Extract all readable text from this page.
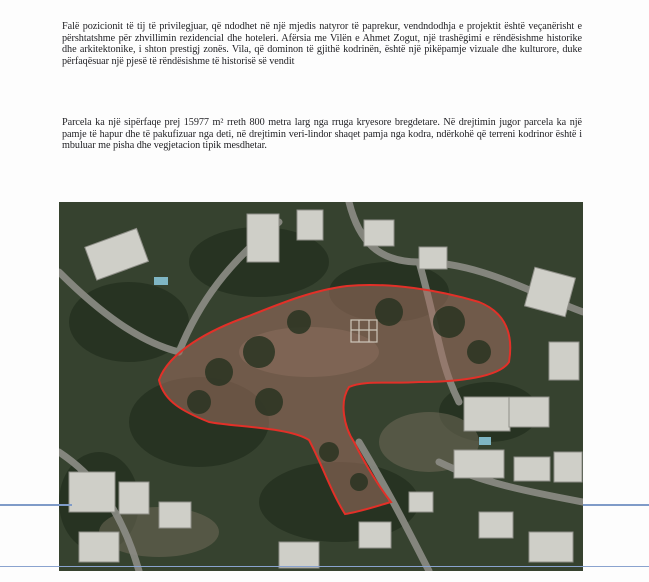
Falë pozicionit të tij të privilegjuar, që ndodhet në një mjedis natyror të paprekur, vendndodhja e projektit është veçanërisht e përshtatshme për zhvillimin rezidencial dhe hoteleri. Afërsia me Vilën e Ahmet Zogut, një trashëgimi e rëndësishme historike dhe arkitektonike, i shton prestigj zonës. Vila, që dominon të gjithë kodrinën, është një pikëpamje vizuale dhe kulturore, duke përfaqësuar një pjesë të rëndësishme të historisë së vendit

Parcela ka një sipërfaqe prej 15977 m² rreth 800 metra larg nga rruga kryesore bregdetare. Në drejtimin jugor parcela ka një pamje të hapur dhe të pakufizuar nga deti, në drejtimin veri-lindor shaqet pamja nga kodra, ndërkohë që terreni kodrinor është i mbuluar me pisha dhe vegjetacion tipik mesdhetar.
